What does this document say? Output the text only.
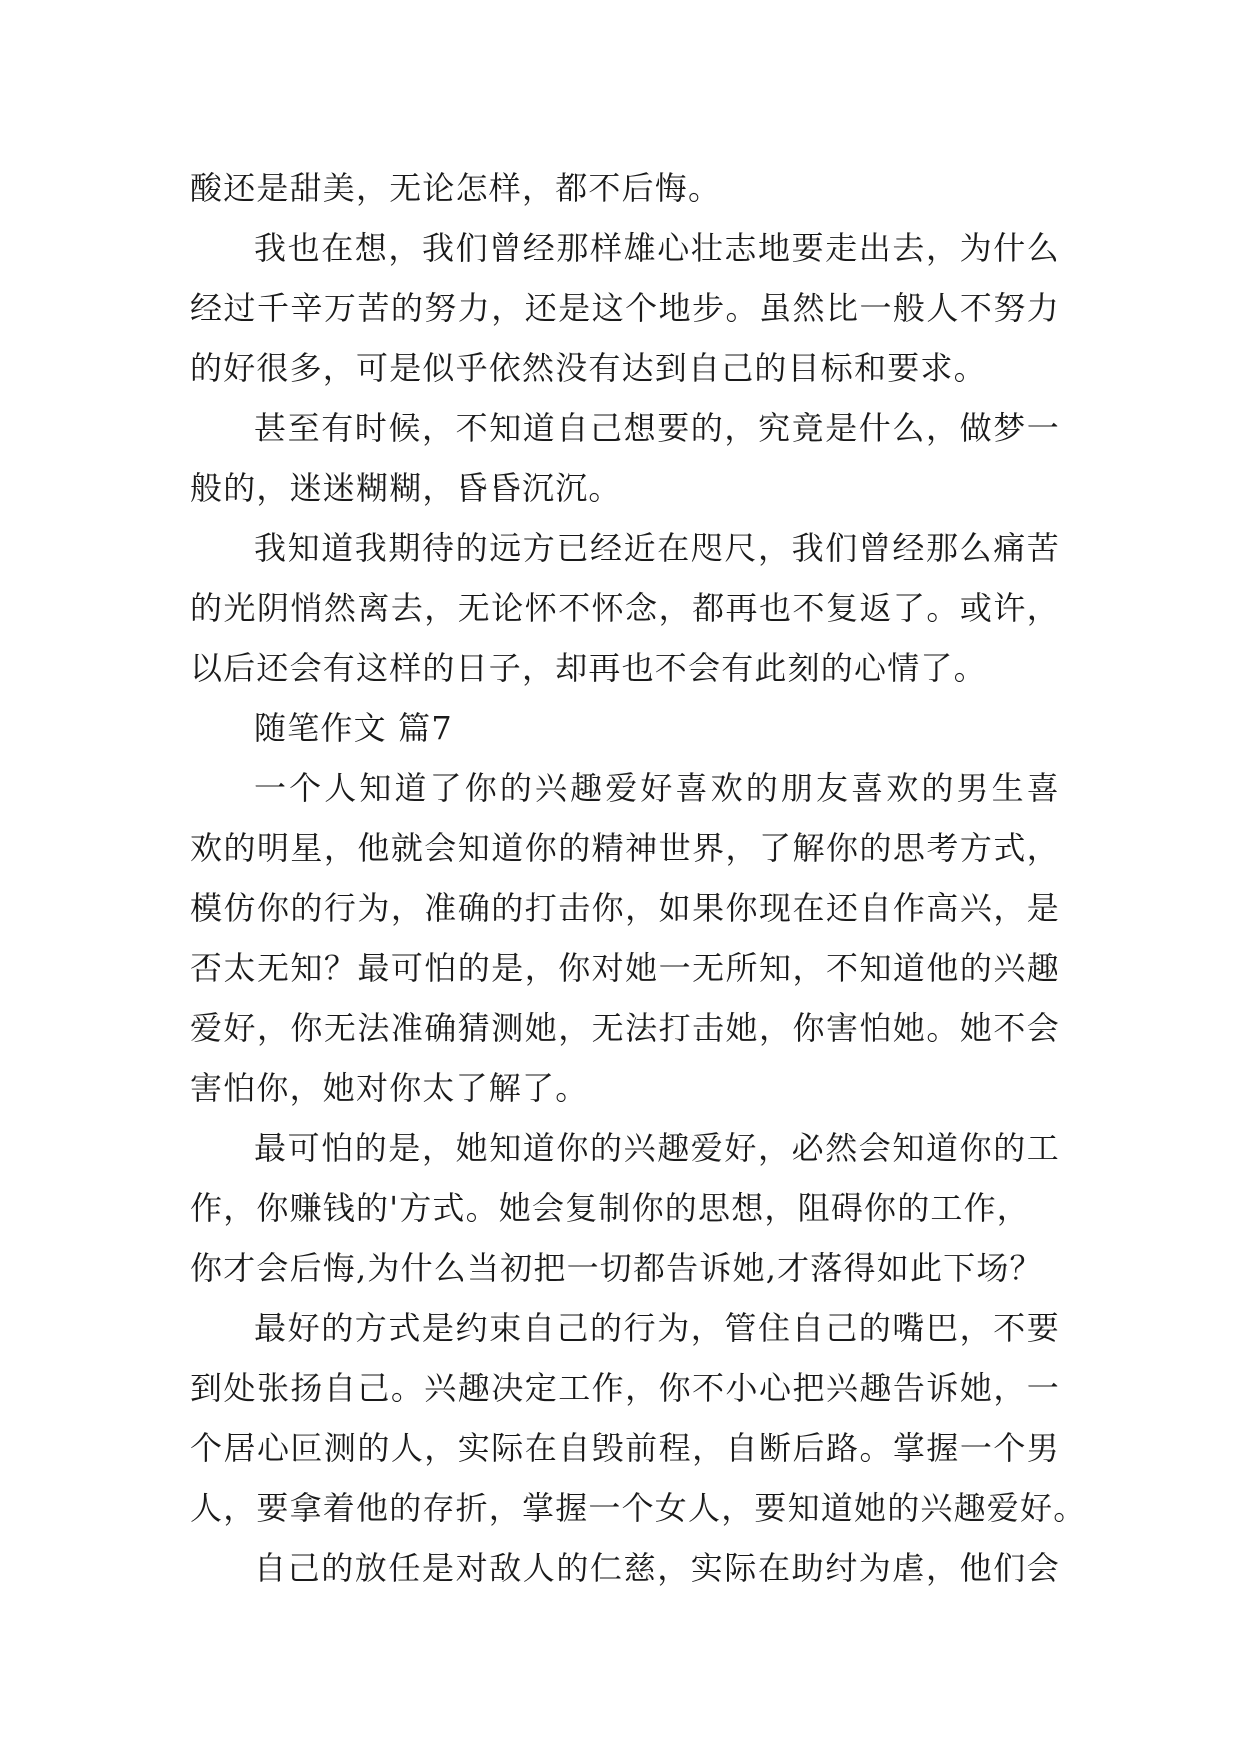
酸还是甜美，无论怎样，都不后悔。
我也在想，我们曾经那样雄心壮志地要走出去，为什么
经过千辛万苦的努力，还是这个地步。虽然比一般人不努力
的好很多，可是似乎依然没有达到自己的目标和要求。
甚至有时候，不知道自己想要的，究竟是什么，做梦一
般的，迷迷糊糊，昏昏沉沉。
我知道我期待的远方已经近在咫尺，我们曾经那么痛苦
的光阴悄然离去，无论怀不怀念，都再也不复返了。或许，
以后还会有这样的日子，却再也不会有此刻的心情了。
随笔作文 篇7
一个人知道了你的兴趣爱好喜欢的朋友喜欢的男生喜
欢的明星，他就会知道你的精神世界，了解你的思考方式，
模仿你的行为，准确的打击你，如果你现在还自作高兴，是
否太无知？最可怕的是，你对她一无所知，不知道他的兴趣
爱好，你无法准确猜测她，无法打击她，你害怕她。她不会
害怕你，她对你太了解了。
最可怕的是，她知道你的兴趣爱好，必然会知道你的工
作，你赚钱的'方式。她会复制你的思想，阻碍你的工作，
你才会后悔,为什么当初把一切都告诉她,才落得如此下场？
最好的方式是约束自己的行为，管住自己的嘴巴，不要
到处张扬自己。兴趣决定工作，你不小心把兴趣告诉她，一
个居心叵测的人，实际在自毁前程，自断后路。掌握一个男
人，要拿着他的存折，掌握一个女人，要知道她的兴趣爱好。
自己的放任是对敌人的仁慈，实际在助纣为虐，他们会
